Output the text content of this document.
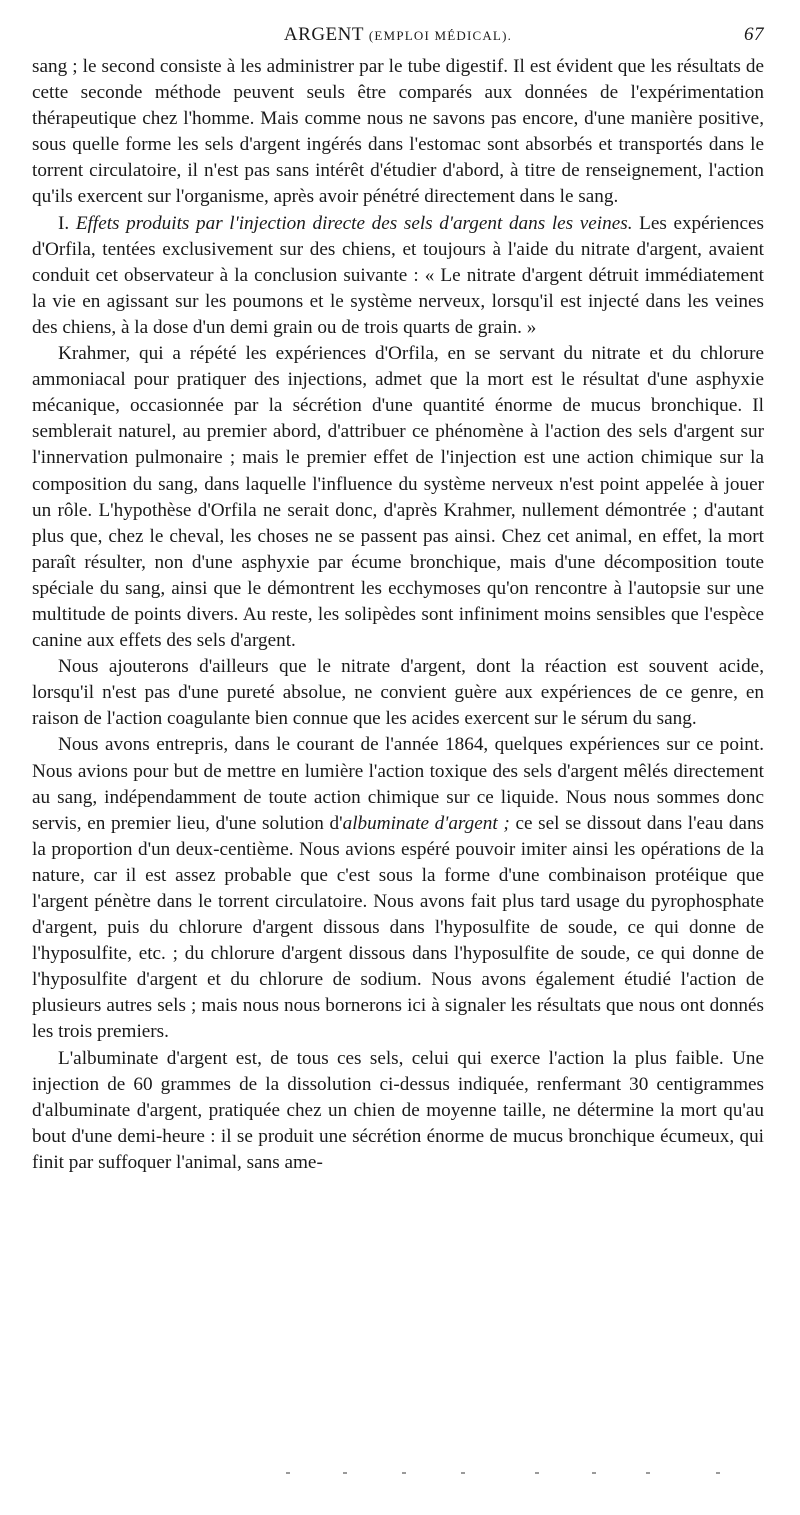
ARGENT (EMPLOI MÉDICAL).	67

sang ; le second consiste à les administrer par le tube digestif. Il est évident que les résultats de cette seconde méthode peuvent seuls être comparés aux données de l'expérimentation thérapeutique chez l'homme. Mais comme nous ne savons pas encore, d'une manière positive, sous quelle forme les sels d'argent ingérés dans l'estomac sont absorbés et transportés dans le torrent circulatoire, il n'est pas sans intérêt d'étudier d'abord, à titre de renseignement, l'action qu'ils exercent sur l'organisme, après avoir pénétré directement dans le sang.

I. Effets produits par l'injection directe des sels d'argent dans les veines. Les expériences d'Orfila, tentées exclusivement sur des chiens, et toujours à l'aide du nitrate d'argent, avaient conduit cet observateur à la conclusion suivante : « Le nitrate d'argent détruit immédiatement la vie en agissant sur les poumons et le système nerveux, lorsqu'il est injecté dans les veines des chiens, à la dose d'un demi grain ou de trois quarts de grain. »

Krahmer, qui a répété les expériences d'Orfila, en se servant du nitrate et du chlorure ammoniacal pour pratiquer des injections, admet que la mort est le résultat d'une asphyxie mécanique, occasionnée par la sécrétion d'une quantité énorme de mucus bronchique. Il semblerait naturel, au premier abord, d'attribuer ce phénomène à l'action des sels d'argent sur l'innervation pulmonaire ; mais le premier effet de l'injection est une action chimique sur la composition du sang, dans laquelle l'influence du système nerveux n'est point appelée à jouer un rôle. L'hypothèse d'Orfila ne serait donc, d'après Krahmer, nullement démontrée ; d'autant plus que, chez le cheval, les choses ne se passent pas ainsi. Chez cet animal, en effet, la mort paraît résulter, non d'une asphyxie par écume bronchique, mais d'une décomposition toute spéciale du sang, ainsi que le démontrent les ecchymoses qu'on rencontre à l'autopsie sur une multitude de points divers. Au reste, les solipèdes sont infiniment moins sensibles que l'espèce canine aux effets des sels d'argent.

Nous ajouterons d'ailleurs que le nitrate d'argent, dont la réaction est souvent acide, lorsqu'il n'est pas d'une pureté absolue, ne convient guère aux expériences de ce genre, en raison de l'action coagulante bien connue que les acides exercent sur le sérum du sang.

Nous avons entrepris, dans le courant de l'année 1864, quelques expériences sur ce point. Nous avions pour but de mettre en lumière l'action toxique des sels d'argent mêlés directement au sang, indépendamment de toute action chimique sur ce liquide. Nous nous sommes donc servis, en premier lieu, d'une solution d'albuminate d'argent ; ce sel se dissout dans l'eau dans la proportion d'un deux-centième. Nous avions espéré pouvoir imiter ainsi les opérations de la nature, car il est assez probable que c'est sous la forme d'une combinaison protéique que l'argent pénètre dans le torrent circulatoire. Nous avons fait plus tard usage du pyrophosphate d'argent, puis du chlorure d'argent dissous dans l'hyposulfite de soude, ce qui donne de l'hyposulfite, etc. ; du chlorure d'argent dissous dans l'hyposulfite de soude, ce qui donne de l'hyposulfite d'argent et du chlorure de sodium. Nous avons également étudié l'action de plusieurs autres sels ; mais nous nous bornerons ici à signaler les résultats que nous ont donnés les trois premiers.

L'albuminate d'argent est, de tous ces sels, celui qui exerce l'action la plus faible. Une injection de 60 grammes de la dissolution ci-dessus indiquée, renfermant 30 centigrammes d'albuminate d'argent, pratiquée chez un chien de moyenne taille, ne détermine la mort qu'au bout d'une demi-heure : il se produit une sécrétion énorme de mucus bronchique écumeux, qui finit par suffoquer l'animal, sans ame-
